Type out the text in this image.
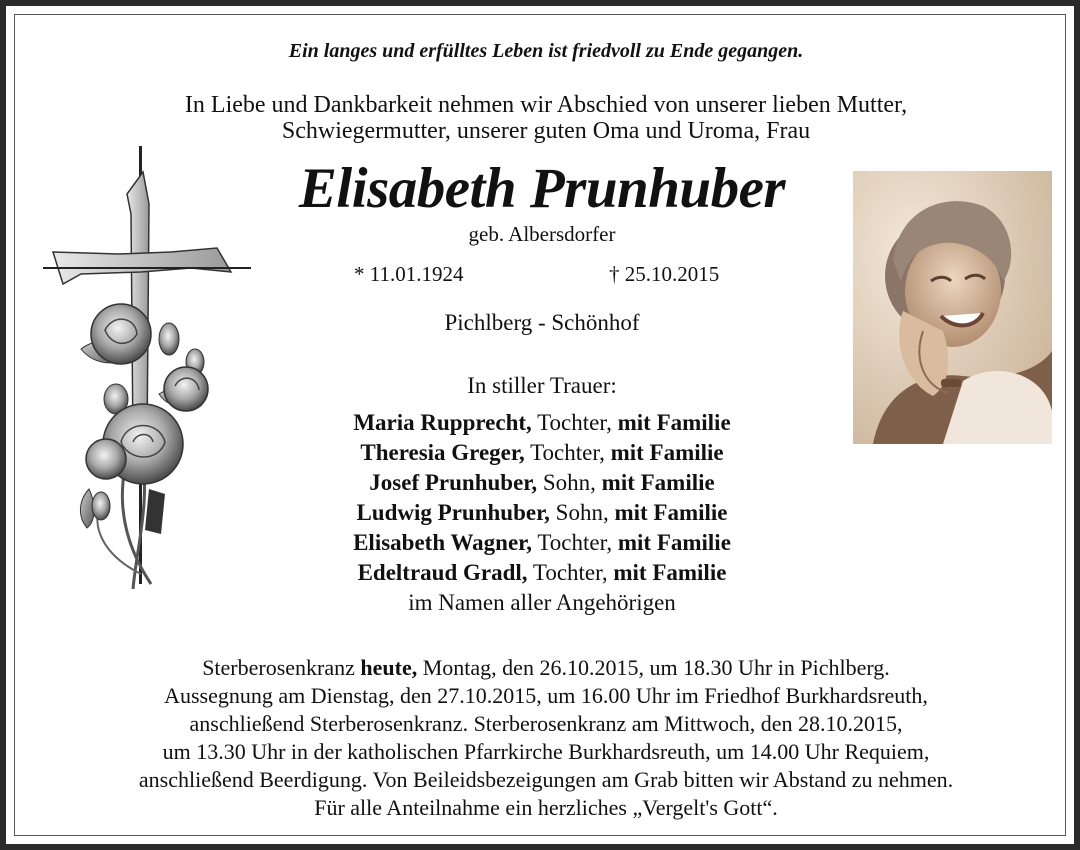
Ein langes und erfülltes Leben ist friedvoll zu Ende gegangen.
In Liebe und Dankbarkeit nehmen wir Abschied von unserer lieben Mutter,
Schwiegermutter, unserer guten Oma und Uroma, Frau
Elisabeth Prunhuber
geb. Albersdorfer
* 11.01.1924	† 25.10.2015
Pichlberg - Schönhof
In stiller Trauer:
Maria Rupprecht, Tochter, mit Familie
Theresia Greger, Tochter, mit Familie
Josef Prunhuber, Sohn, mit Familie
Ludwig Prunhuber, Sohn, mit Familie
Elisabeth Wagner, Tochter, mit Familie
Edeltraud Gradl, Tochter, mit Familie
im Namen aller Angehörigen
Sterberosenkranz heute, Montag, den 26.10.2015, um 18.30 Uhr in Pichlberg.
Aussegnung am Dienstag, den 27.10.2015, um 16.00 Uhr im Friedhof Burkhardsreuth,
anschließend Sterberosenkranz. Sterberosenkranz am Mittwoch, den 28.10.2015,
um 13.30 Uhr in der katholischen Pfarrkirche Burkhardsreuth, um 14.00 Uhr Requiem,
anschließend Beerdigung. Von Beileidsbezeigungen am Grab bitten wir Abstand zu nehmen.
Für alle Anteilnahme ein herzliches „Vergelt's Gott“.
